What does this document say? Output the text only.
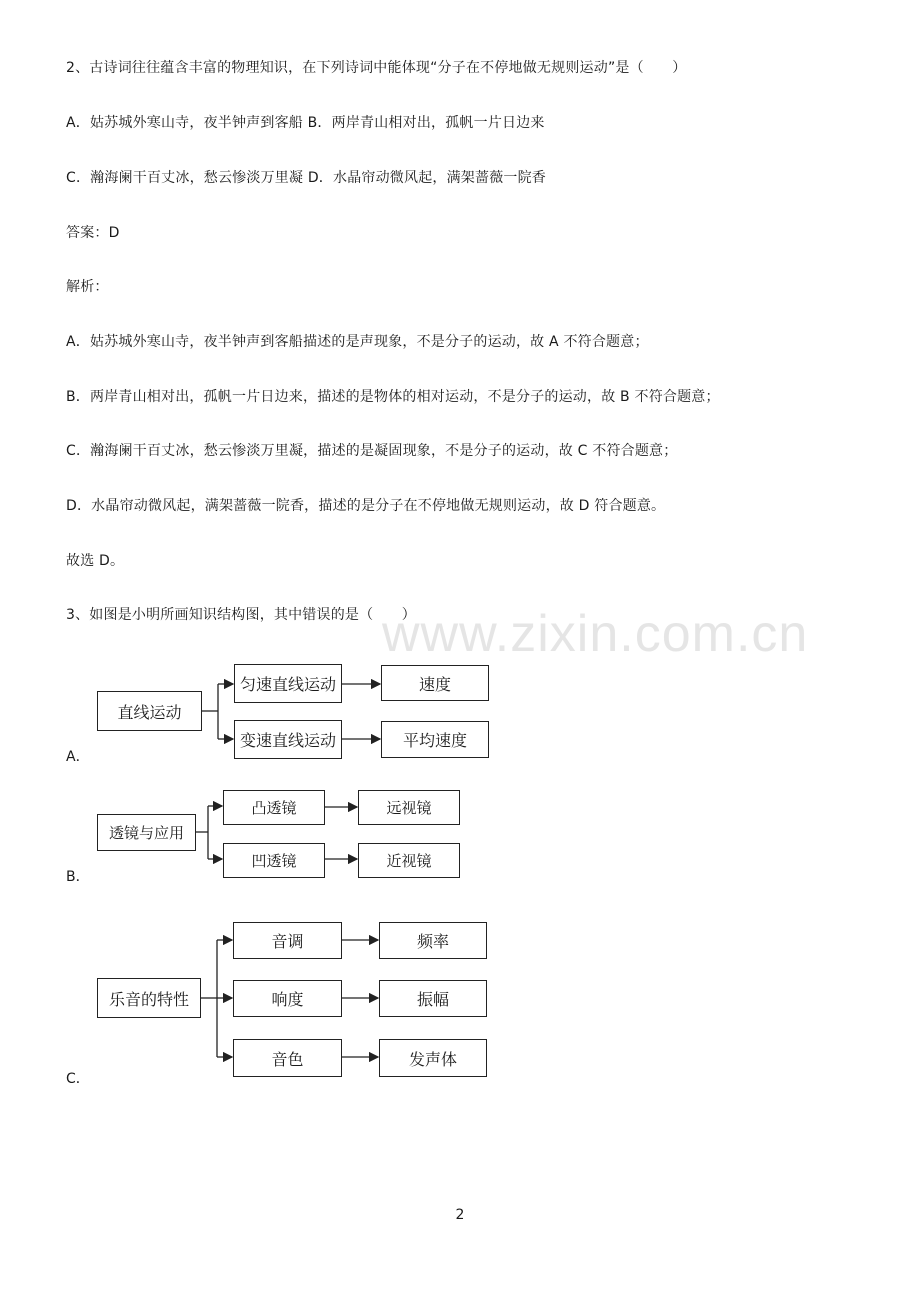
2、古诗词往往蕴含丰富的物理知识，在下列诗词中能体现“分子在不停地做无规则运动”是（　　）
A．姑苏城外寒山寺，夜半钟声到客船 B．两岸青山相对出，孤帆一片日边来
C．瀚海阑干百丈冰，愁云惨淡万里凝 D．水晶帘动微风起，满架蔷薇一院香
答案：D
解析：
A．姑苏城外寒山寺，夜半钟声到客船描述的是声现象，不是分子的运动，故 A 不符合题意；
B．两岸青山相对出，孤帆一片日边来，描述的是物体的相对运动，不是分子的运动，故 B 不符合题意；
C．瀚海阑干百丈冰，愁云惨淡万里凝，描述的是凝固现象，不是分子的运动，故 C 不符合题意；
D．水晶帘动微风起，满架蔷薇一院香，描述的是分子在不停地做无规则运动，故 D 符合题意。
故选 D。
3、如图是小明所画知识结构图，其中错误的是（　　）
www.zixin.com.cn
A．
直线运动
匀速直线运动
变速直线运动
速度
平均速度
B．
透镜与应用
凸透镜
凹透镜
远视镜
近视镜
C．
乐音的特性
音调
响度
音色
频率
振幅
发声体
2
